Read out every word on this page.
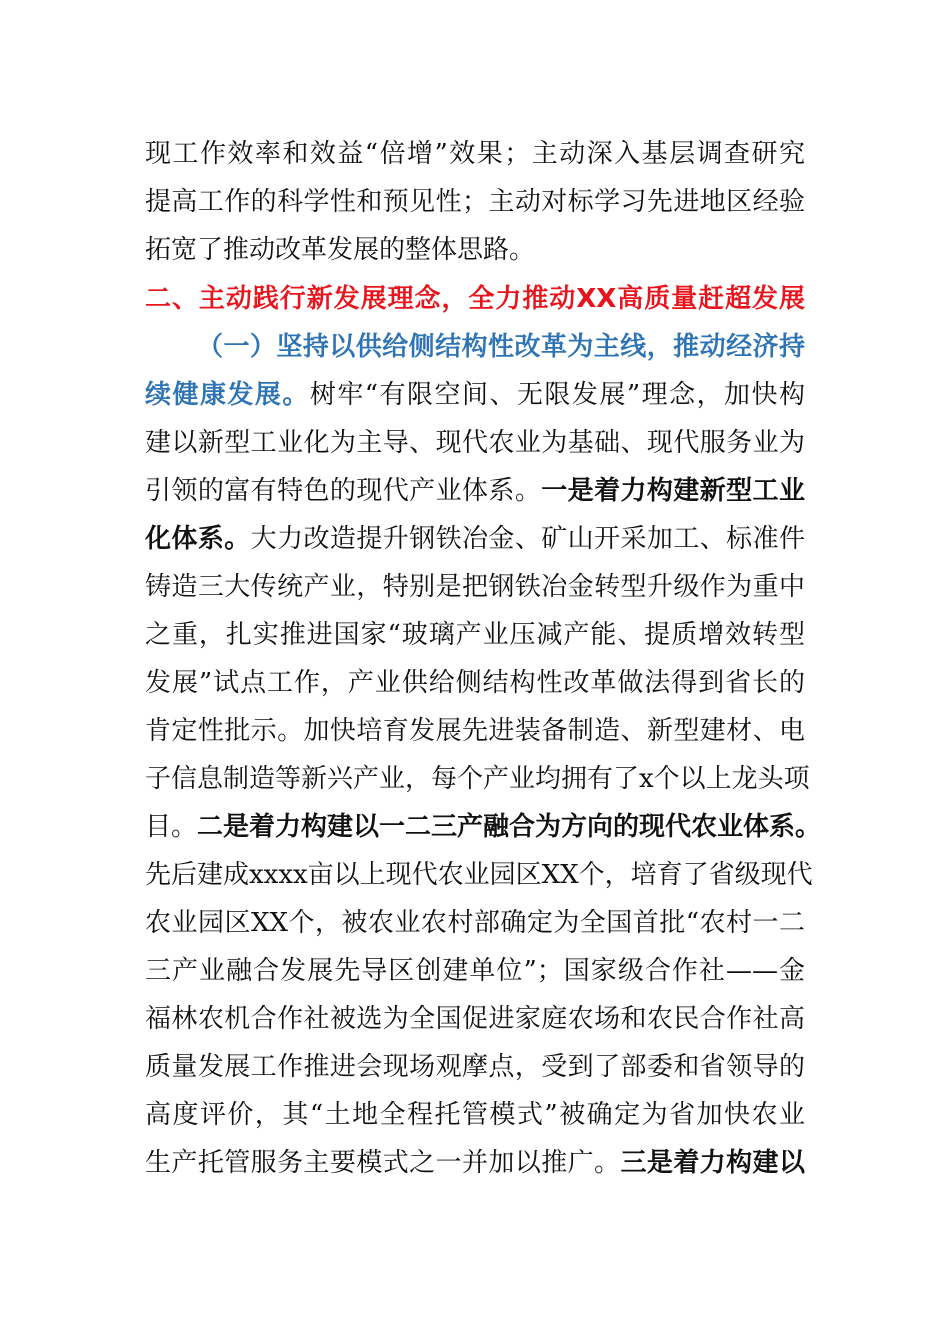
现工作效率和效益“倍增”效果；主动深入基层调查研究
提高工作的科学性和预见性；主动对标学习先进地区经验
拓宽了推动改革发展的整体思路。
二、主动践行新发展理念，全力推动XX高质量赶超发展
（一）坚持以供给侧结构性改革为主线，推动经济持
续健康发展。树牢“有限空间、无限发展”理念，加快构
建以新型工业化为主导、现代农业为基础、现代服务业为
引领的富有特色的现代产业体系。一是着力构建新型工业
化体系。大力改造提升钢铁冶金、矿山开采加工、标准件
铸造三大传统产业，特别是把钢铁冶金转型升级作为重中
之重，扎实推进国家“玻璃产业压减产能、提质增效转型
发展”试点工作，产业供给侧结构性改革做法得到省长的
肯定性批示。加快培育发展先进装备制造、新型建材、电
子信息制造等新兴产业，每个产业均拥有了x个以上龙头项
目。二是着力构建以一二三产融合为方向的现代农业体系。
先后建成xxxx亩以上现代农业园区XX个，培育了省级现代
农业园区XX个，被农业农村部确定为全国首批“农村一二
三产业融合发展先导区创建单位”；国家级合作社——金
福林农机合作社被选为全国促进家庭农场和农民合作社高
质量发展工作推进会现场观摩点，受到了部委和省领导的
高度评价，其“土地全程托管模式”被确定为省加快农业
生产托管服务主要模式之一并加以推广。三是着力构建以
